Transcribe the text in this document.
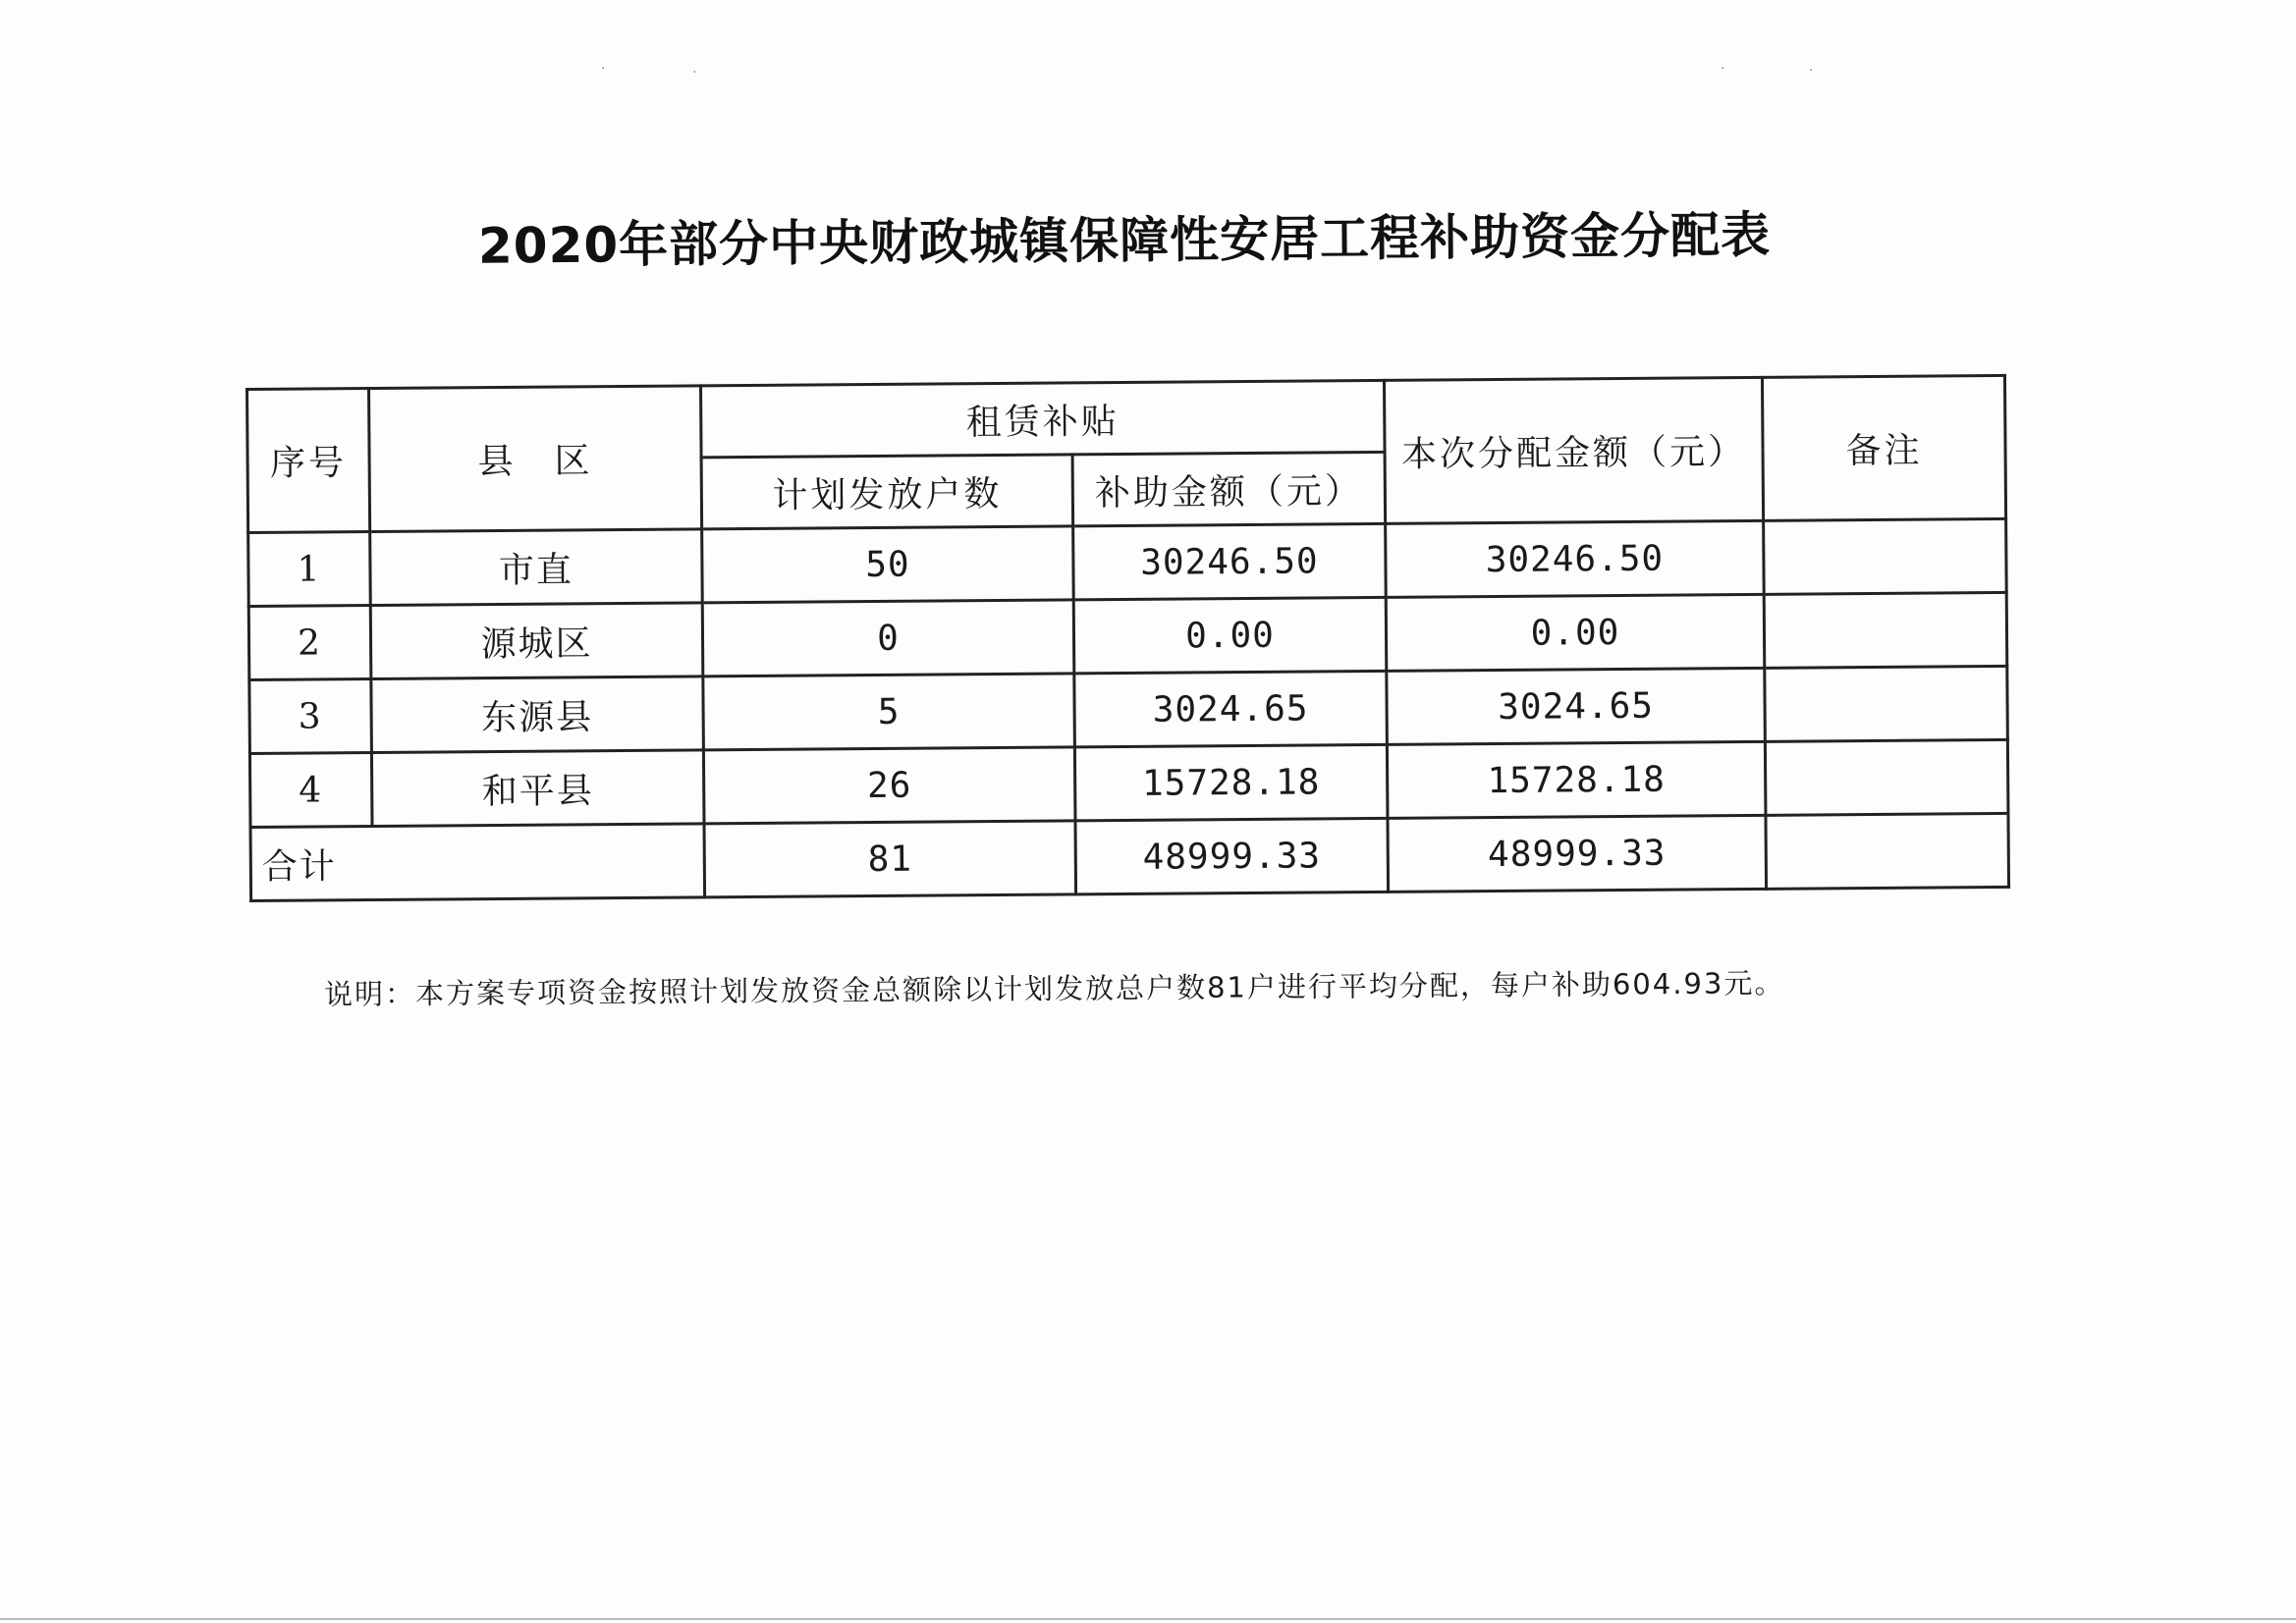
·	·	·	·
2020年部分中央财政城镇保障性安居工程补助资金分配表
序号	县　区	租赁补贴		本次分配金额（元）	备注
		计划发放户数	补助金额（元）		
1	市直	50	30246.50	30246.50	
2	源城区	0	0.00	0.00	
3	东源县	5	3024.65	3024.65	
4	和平县	26	15728.18	15728.18	
合计		81	48999.33	48999.33	
说明：本方案专项资金按照计划发放资金总额除以计划发放总户数81户进行平均分配，每户补助604.93元。
